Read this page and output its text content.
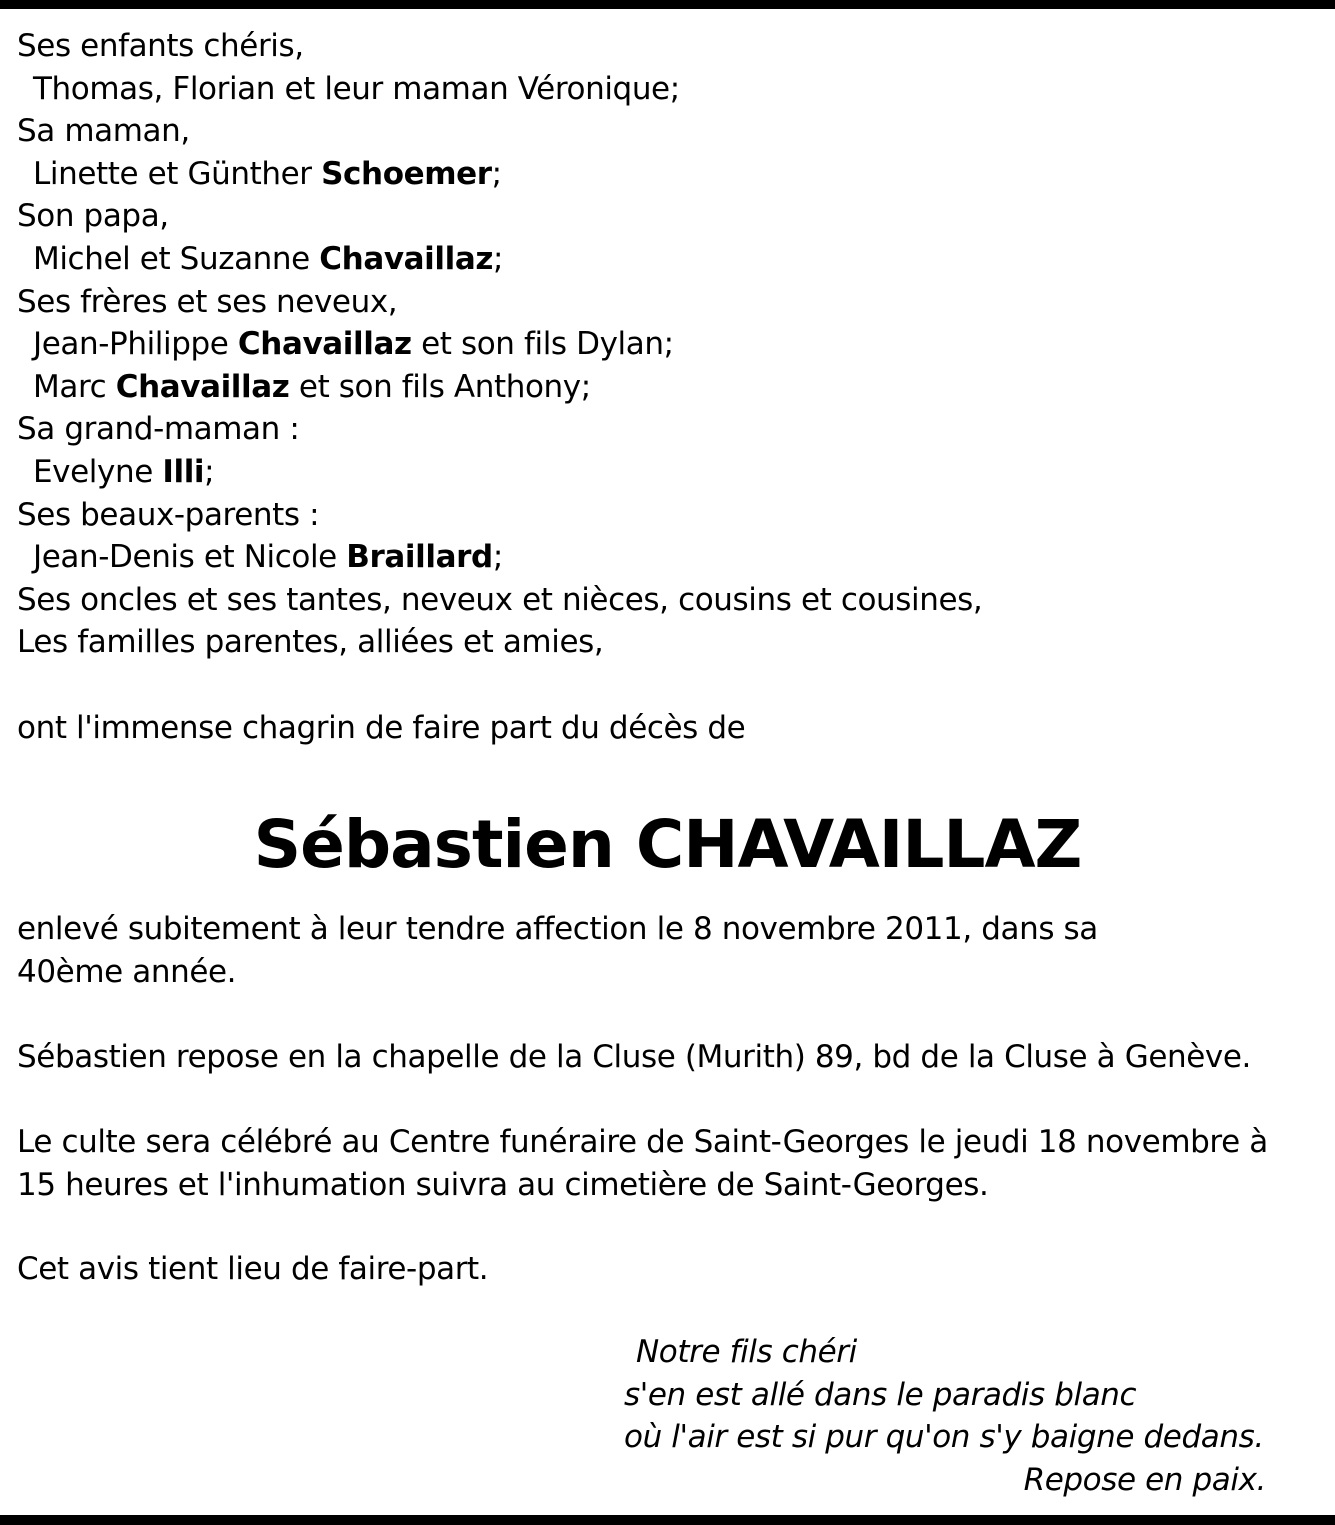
Ses enfants chéris,
Thomas, Florian et leur maman Véronique;
Sa maman,
Linette et Günther Schoemer;
Son papa,
Michel et Suzanne Chavaillaz;
Ses frères et ses neveux,
Jean-Philippe Chavaillaz et son fils Dylan;
Marc Chavaillaz et son fils Anthony;
Sa grand-maman :
Evelyne Illi;
Ses beaux-parents :
Jean-Denis et Nicole Braillard;
Ses oncles et ses tantes, neveux et nièces, cousins et cousines,
Les familles parentes, alliées et amies,
ont l'immense chagrin de faire part du décès de
Sébastien CHAVAILLAZ
enlevé subitement à leur tendre affection le 8 novembre 2011, dans sa
40ème année.
Sébastien repose en la chapelle de la Cluse (Murith) 89, bd de la Cluse à Genève.
Le culte sera célébré au Centre funéraire de Saint-Georges le jeudi 18 novembre à
15 heures et l'inhumation suivra au cimetière de Saint-Georges.
Cet avis tient lieu de faire-part.
Notre fils chéri
s'en est allé dans le paradis blanc
où l'air est si pur qu'on s'y baigne dedans.
Repose en paix.
